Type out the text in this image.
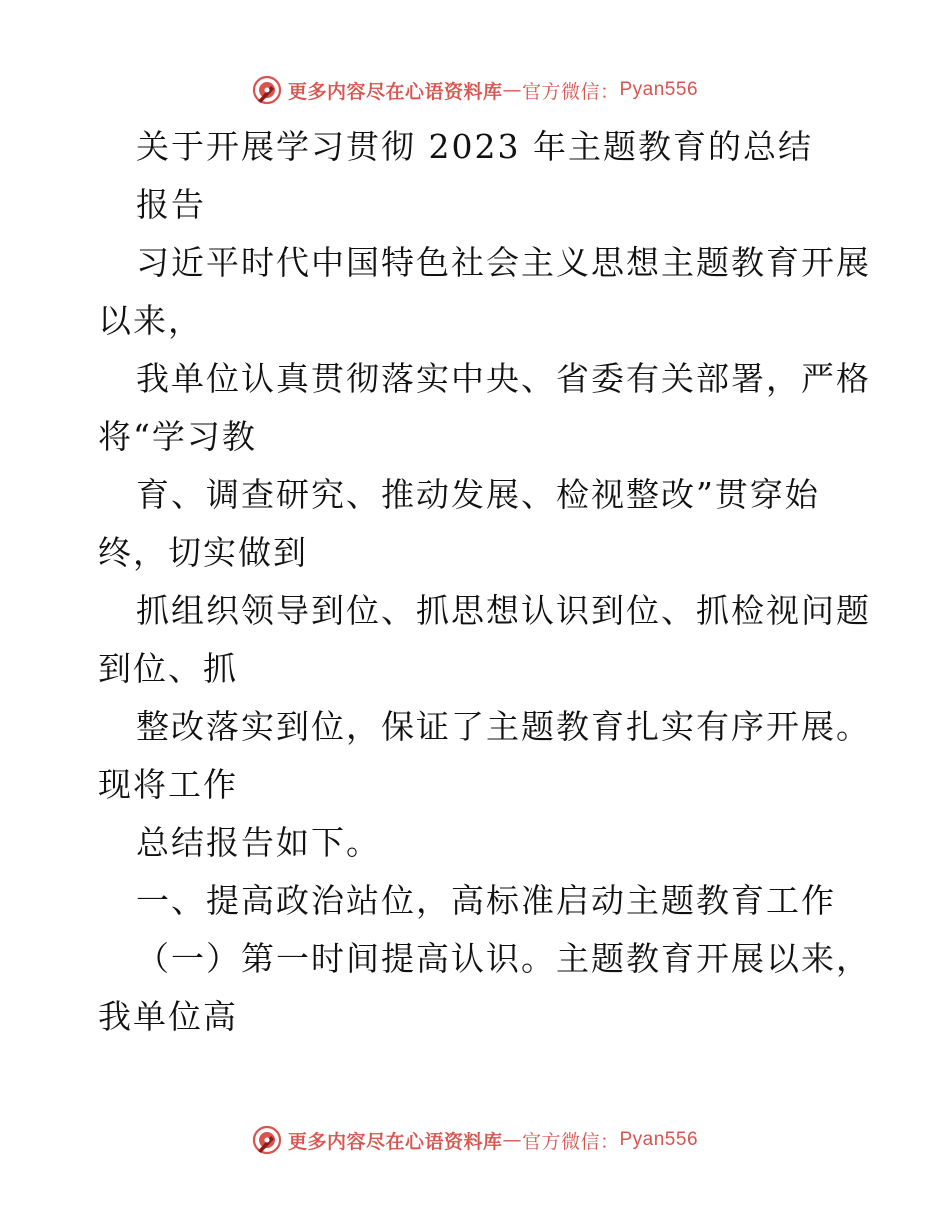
更多内容尽在心语资料库 — 官方微信： Pyan556
关于开展学习贯彻 2023 年主题教育的总结
报告
习近平时代中国特色社会主义思想主题教育开展
以来，
我单位认真贯彻落实中央、省委有关部署，严格
将“学习教
育、调查研究、推动发展、检视整改”贯穿始
终，切实做到
抓组织领导到位、抓思想认识到位、抓检视问题
到位、抓
整改落实到位，保证了主题教育扎实有序开展。
现将工作
总结报告如下。
一、提高政治站位，高标准启动主题教育工作
（一）第一时间提高认识。主题教育开展以来，
我单位高
更多内容尽在心语资料库 — 官方微信： Pyan556
